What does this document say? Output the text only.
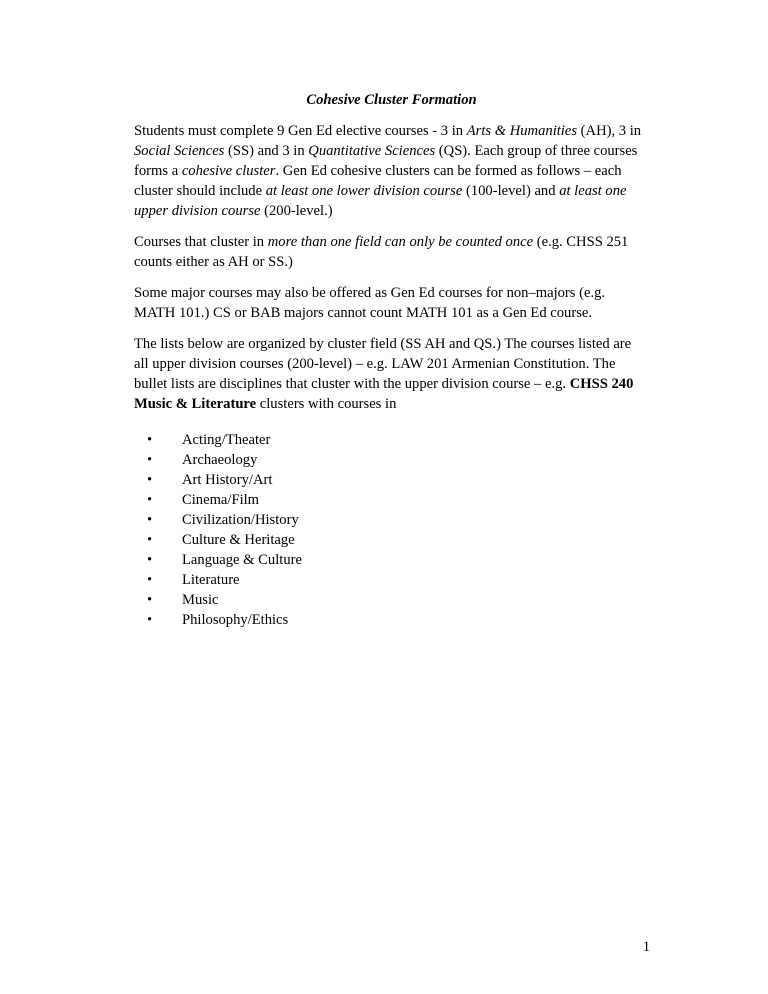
Cohesive Cluster Formation

Students must complete 9 Gen Ed elective courses - 3 in Arts & Humanities (AH), 3 in Social Sciences (SS) and 3 in Quantitative Sciences (QS). Each group of three courses forms a cohesive cluster. Gen Ed cohesive clusters can be formed as follows – each cluster should include at least one lower division course (100-level) and at least one upper division course (200-level.)

Courses that cluster in more than one field can only be counted once (e.g. CHSS 251 counts either as AH or SS.)

Some major courses may also be offered as Gen Ed courses for non–majors (e.g. MATH 101.) CS or BAB majors cannot count MATH 101 as a Gen Ed course.

The lists below are organized by cluster field (SS AH and QS.) The courses listed are all upper division courses (200-level) – e.g. LAW 201 Armenian Constitution. The bullet lists are disciplines that cluster with the upper division course – e.g. CHSS 240 Music & Literature clusters with courses in

• Acting/Theater
• Archaeology
• Art History/Art
• Cinema/Film
• Civilization/History
• Culture & Heritage
• Language & Culture
• Literature
• Music
• Philosophy/Ethics
1
